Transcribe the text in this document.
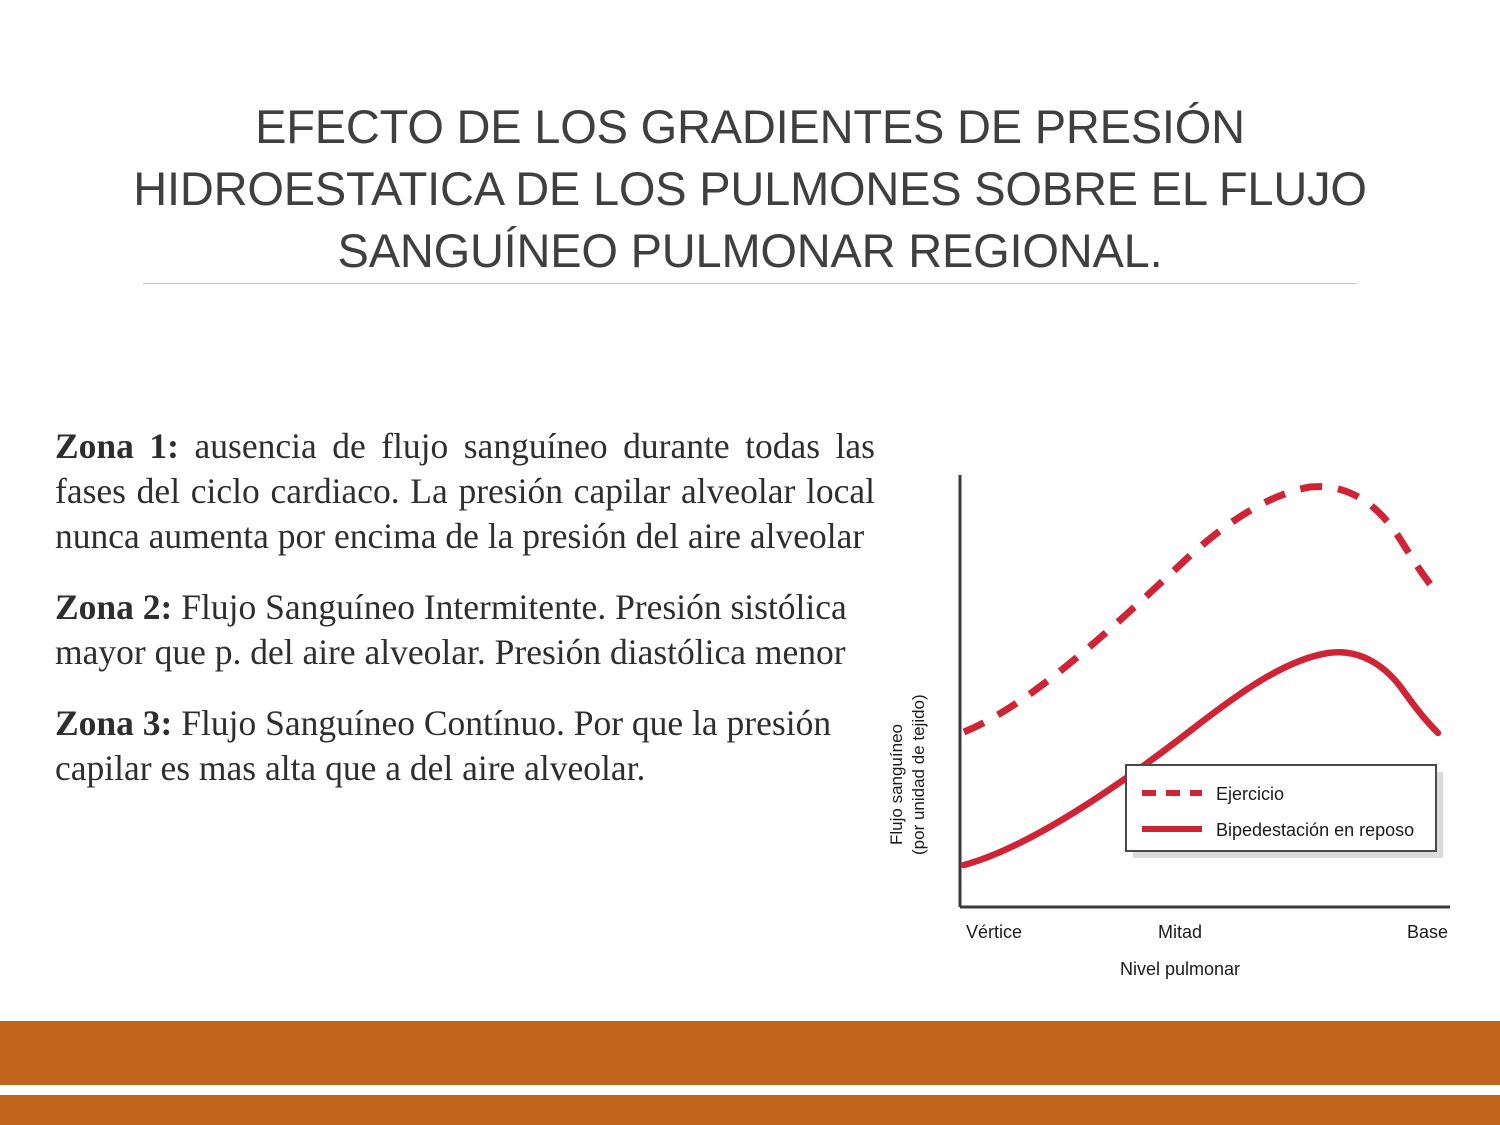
EFECTO DE LOS GRADIENTES DE PRESIÓN HIDROESTATICA DE LOS PULMONES SOBRE EL FLUJO SANGUÍNEO PULMONAR REGIONAL.

Zona 1: ausencia de flujo sanguíneo durante todas las fases del ciclo cardiaco. La presión capilar alveolar local nunca aumenta por encima de la presión del aire alveolar

Zona 2: Flujo Sanguíneo Intermitente. Presión sistólica mayor que p. del aire alveolar. Presión diastólica menor

Zona 3: Flujo Sanguíneo Contínuo. Por que la presión capilar es mas alta que a del aire alveolar.	Flujo sanguíneo (por unidad de tejido)	Ejercicio
Bipedestación en reposo
Vértice	Mitad	Base
Nivel pulmonar
